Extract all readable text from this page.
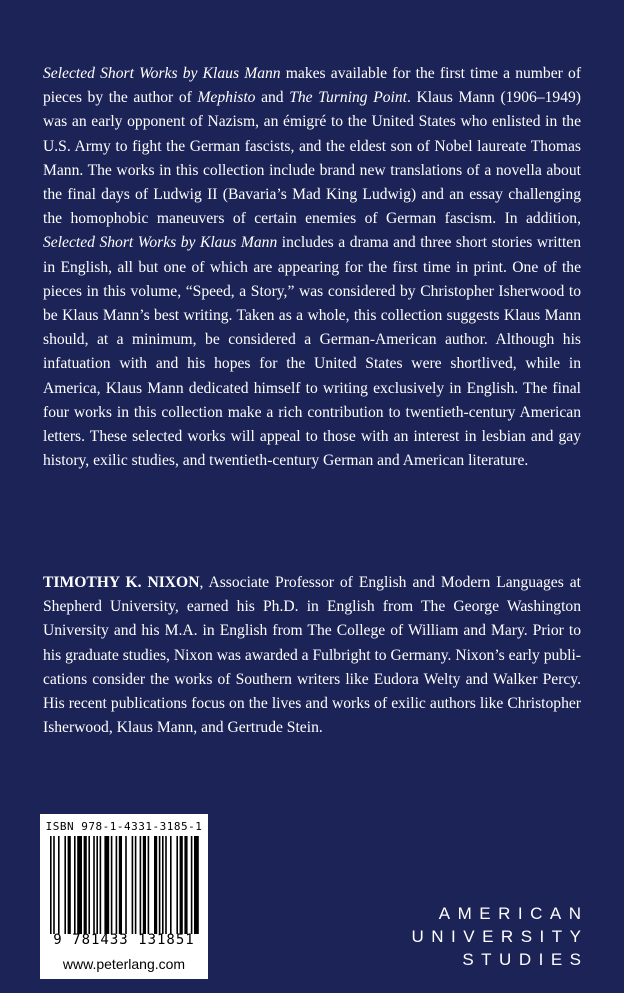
Selected Short Works by Klaus Mann makes available for the first time a number of pieces by the author of Mephisto and The Turning Point. Klaus Mann (1906–1949) was an early opponent of Nazism, an émigré to the United States who enlisted in the U.S. Army to fight the German fascists, and the eldest son of Nobel laureate Thomas Mann. The works in this collection include brand new translations of a novella about the final days of Ludwig II (Bavaria’s Mad King Ludwig) and an essay challenging the homophobic maneuvers of certain enemies of German fascism. In addition, Selected Short Works by Klaus Mann includes a drama and three short stories written in English, all but one of which are appearing for the first time in print. One of the pieces in this volume, “Speed, a Story,” was considered by Christopher Isherwood to be Klaus Mann’s best writing. Taken as a whole, this collection suggests Klaus Mann should, at a minimum, be considered a German-American author. Although his infatuation with and his hopes for the United States were shortlived, while in America, Klaus Mann dedicated himself to writing exclusively in English. The final four works in this collection make a rich contribution to twentieth-century American letters. These selected works will appeal to those with an interest in lesbian and gay history, exilic studies, and twentieth-century German and American literature.

TIMOTHY K. NIXON, Associate Professor of English and Modern Languages at Shepherd University, earned his Ph.D. in English from The George Washington University and his M.A. in English from The College of William and Mary. Prior to his graduate studies, Nixon was awarded a Fulbright to Germany. Nixon’s early publications consider the works of Southern writers like Eudora Welty and Walker Percy. His recent publications focus on the lives and works of exilic authors like Christopher Isherwood, Klaus Mann, and Gertrude Stein.

ISBN 978-1-4331-3185-1
9 781433 131851
www.peterlang.com
AMERICAN
UNIVERSITY
STUDIES
